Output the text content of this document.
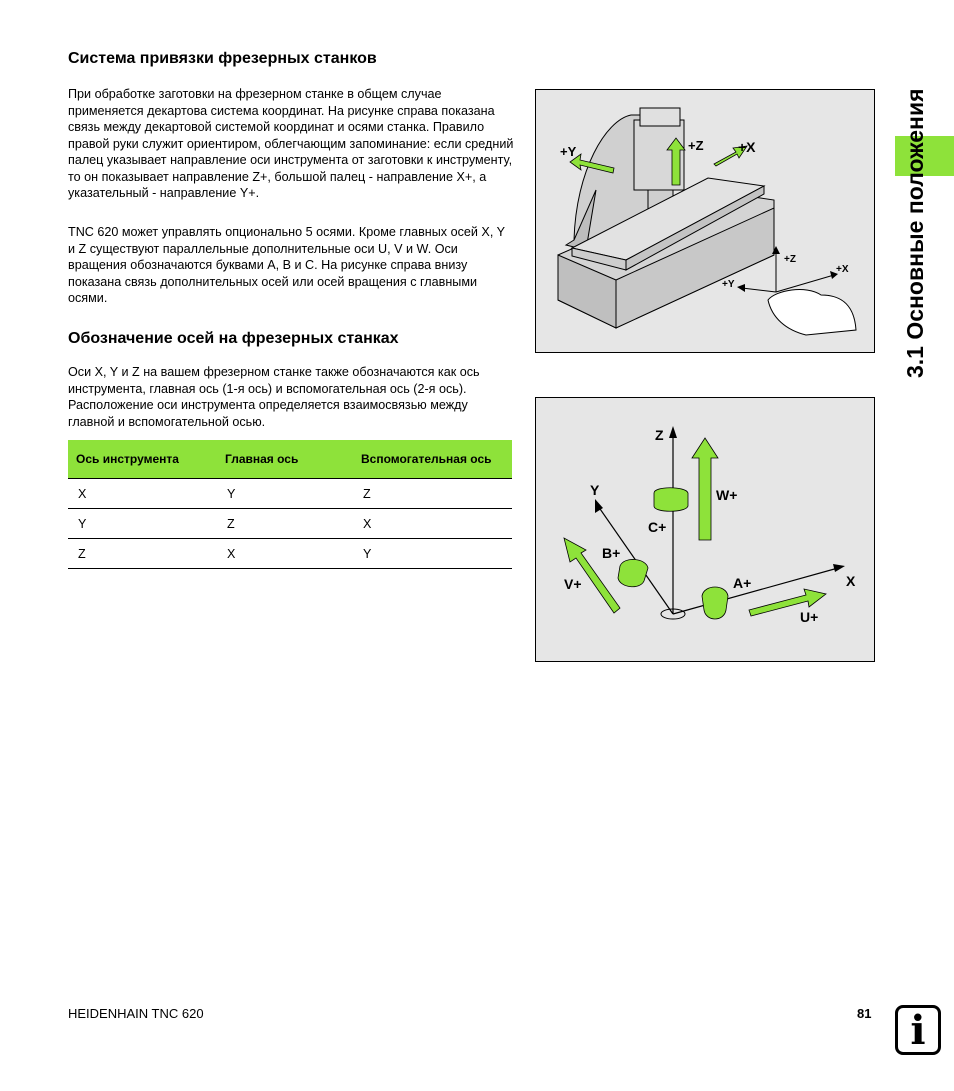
3.1 Основные положения
Система привязки фрезерных станков

При обработке заготовки на фрезерном станке в общем случае применяется декартова система координат. На рисунке справа показана связь между декартовой системой координат и осями станка. Правило правой руки служит ориентиром, облегчающим запоминание: если средний палец указывает направление оси инструмента от заготовки к инструменту, то он показывает направление Z+, большой палец - направление X+, а указательный - направление Y+.

TNC 620 может управлять опционально 5 осями. Кроме главных осей X, Y и Z существуют параллельные дополнительные оси U, V и W. Оси вращения обозначаются буквами A, B и C. На рисунке справа внизу показана связь дополнительных осей или осей вращения с главными осями.

Обозначение осей на фрезерных станках

Оси X, Y и Z на вашем фрезерном станке также обозначаются как ось инструмента, главная ось (1-я ось) и вспомогательная ось (2-я ось). Расположение оси инструмента определяется взаимосвязью между главной и вспомогательной осью.

Ось инструмента	Главная ось	Вспомогательная ось
X	Y	Z
Y	Z	X
Z	X	Y
+Y	+Z +X
+Z
+X
+Y
Z
Y
X
W+
C+
B+
V+	A+
U+
HEIDENHAIN TNC 620	81 i
